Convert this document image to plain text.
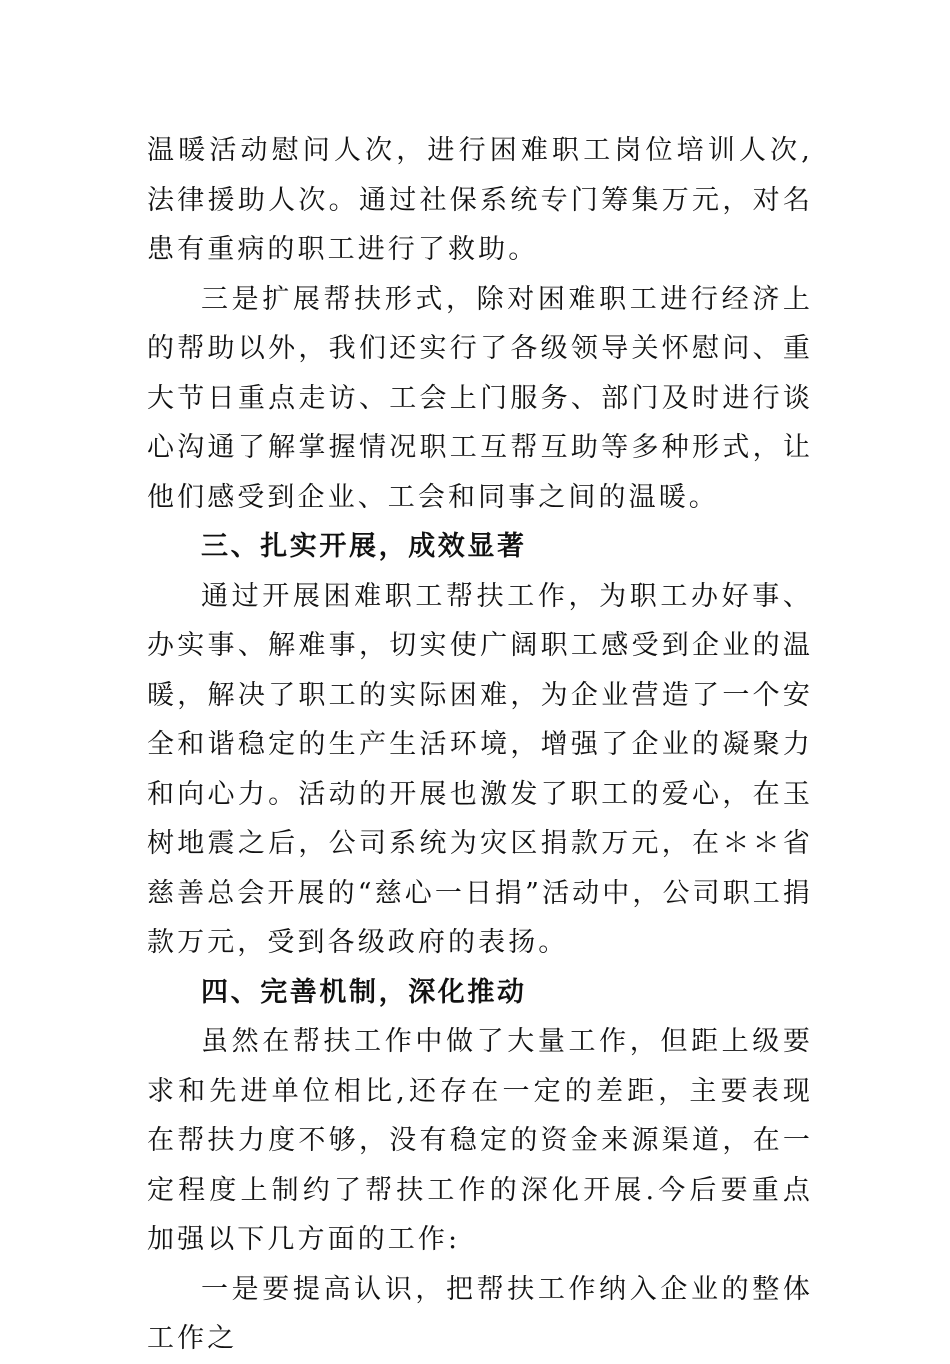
温暖活动慰问人次，进行困难职工岗位培训人次,法律援助人次。通过社保系统专门筹集万元，对名患有重病的职工进行了救助。

三是扩展帮扶形式，除对困难职工进行经济上的帮助以外，我们还实行了各级领导关怀慰问、重大节日重点走访、工会上门服务、部门及时进行谈心沟通了解掌握情况职工互帮互助等多种形式，让他们感受到企业、工会和同事之间的温暖。

三、扎实开展，成效显著

通过开展困难职工帮扶工作，为职工办好事、办实事、解难事，切实使广阔职工感受到企业的温暖，解决了职工的实际困难，为企业营造了一个安全和谐稳定的生产生活环境，增强了企业的凝聚力和向心力。活动的开展也激发了职工的爱心，在玉树地震之后，公司系统为灾区捐款万元，在＊＊省慈善总会开展的“慈心一日捐”活动中，公司职工捐款万元，受到各级政府的表扬。

四、完善机制，深化推动

虽然在帮扶工作中做了大量工作，但距上级要求和先进单位相比,还存在一定的差距，主要表现在帮扶力度不够，没有稳定的资金来源渠道，在一定程度上制约了帮扶工作的深化开展.今后要重点加强以下几方面的工作:

一是要提高认识，把帮扶工作纳入企业的整体工作之
